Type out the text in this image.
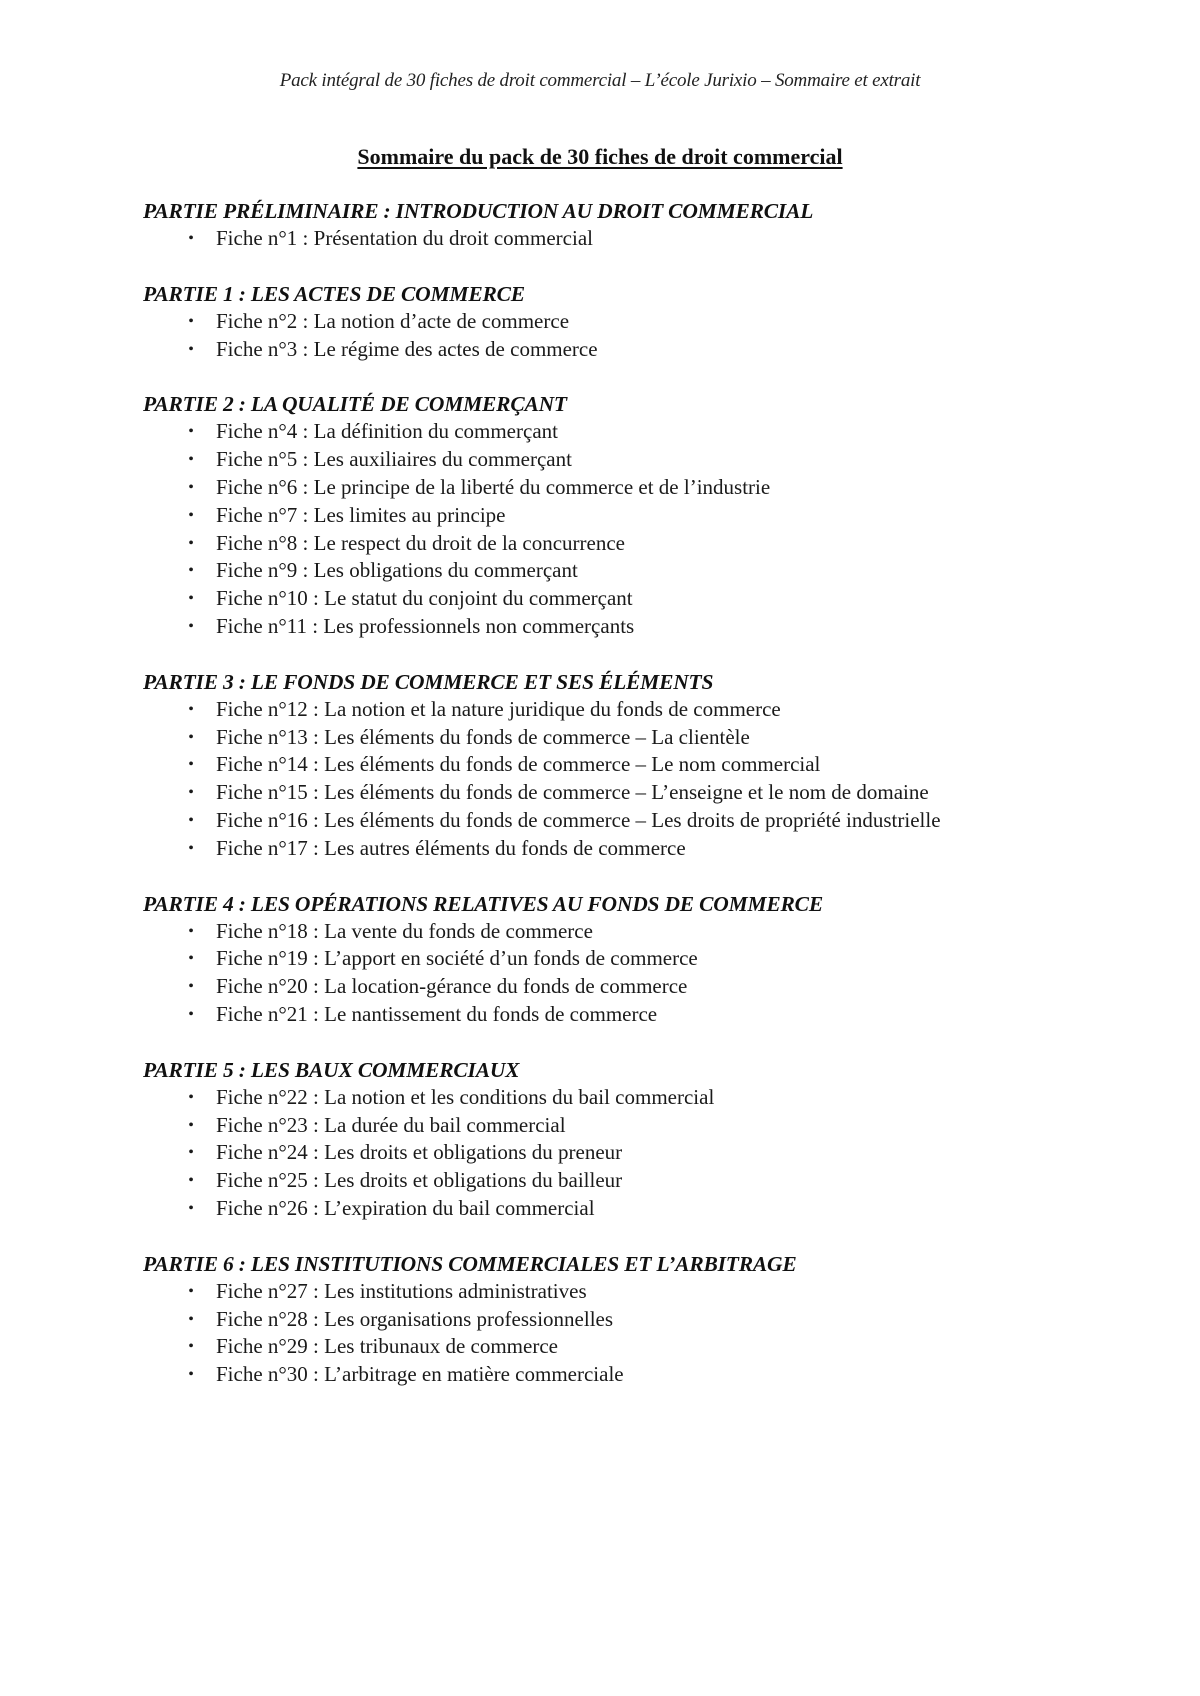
Pack intégral de 30 fiches de droit commercial – L’école Jurixio – Sommaire et extrait
Sommaire du pack de 30 fiches de droit commercial
PARTIE PRÉLIMINAIRE : INTRODUCTION AU DROIT COMMERCIAL
• Fiche n°1 : Présentation du droit commercial
PARTIE 1 : LES ACTES DE COMMERCE
• Fiche n°2 : La notion d’acte de commerce
• Fiche n°3 : Le régime des actes de commerce
PARTIE 2 : LA QUALITÉ DE COMMERÇANT
• Fiche n°4 : La définition du commerçant
• Fiche n°5 : Les auxiliaires du commerçant
• Fiche n°6 : Le principe de la liberté du commerce et de l’industrie
• Fiche n°7 : Les limites au principe
• Fiche n°8 : Le respect du droit de la concurrence
• Fiche n°9 : Les obligations du commerçant
• Fiche n°10 : Le statut du conjoint du commerçant
• Fiche n°11 : Les professionnels non commerçants
PARTIE 3 : LE FONDS DE COMMERCE ET SES ÉLÉMENTS
• Fiche n°12 : La notion et la nature juridique du fonds de commerce
• Fiche n°13 : Les éléments du fonds de commerce – La clientèle
• Fiche n°14 : Les éléments du fonds de commerce – Le nom commercial
• Fiche n°15 : Les éléments du fonds de commerce – L’enseigne et le nom de domaine
• Fiche n°16 : Les éléments du fonds de commerce – Les droits de propriété industrielle
• Fiche n°17 : Les autres éléments du fonds de commerce
PARTIE 4 : LES OPÉRATIONS RELATIVES AU FONDS DE COMMERCE
• Fiche n°18 : La vente du fonds de commerce
• Fiche n°19 : L’apport en société d’un fonds de commerce
• Fiche n°20 : La location-gérance du fonds de commerce
• Fiche n°21 : Le nantissement du fonds de commerce
PARTIE 5 : LES BAUX COMMERCIAUX
• Fiche n°22 : La notion et les conditions du bail commercial
• Fiche n°23 : La durée du bail commercial
• Fiche n°24 : Les droits et obligations du preneur
• Fiche n°25 : Les droits et obligations du bailleur
• Fiche n°26 : L’expiration du bail commercial
PARTIE 6 : LES INSTITUTIONS COMMERCIALES ET L’ARBITRAGE
• Fiche n°27 : Les institutions administratives
• Fiche n°28 : Les organisations professionnelles
• Fiche n°29 : Les tribunaux de commerce
• Fiche n°30 : L’arbitrage en matière commerciale
